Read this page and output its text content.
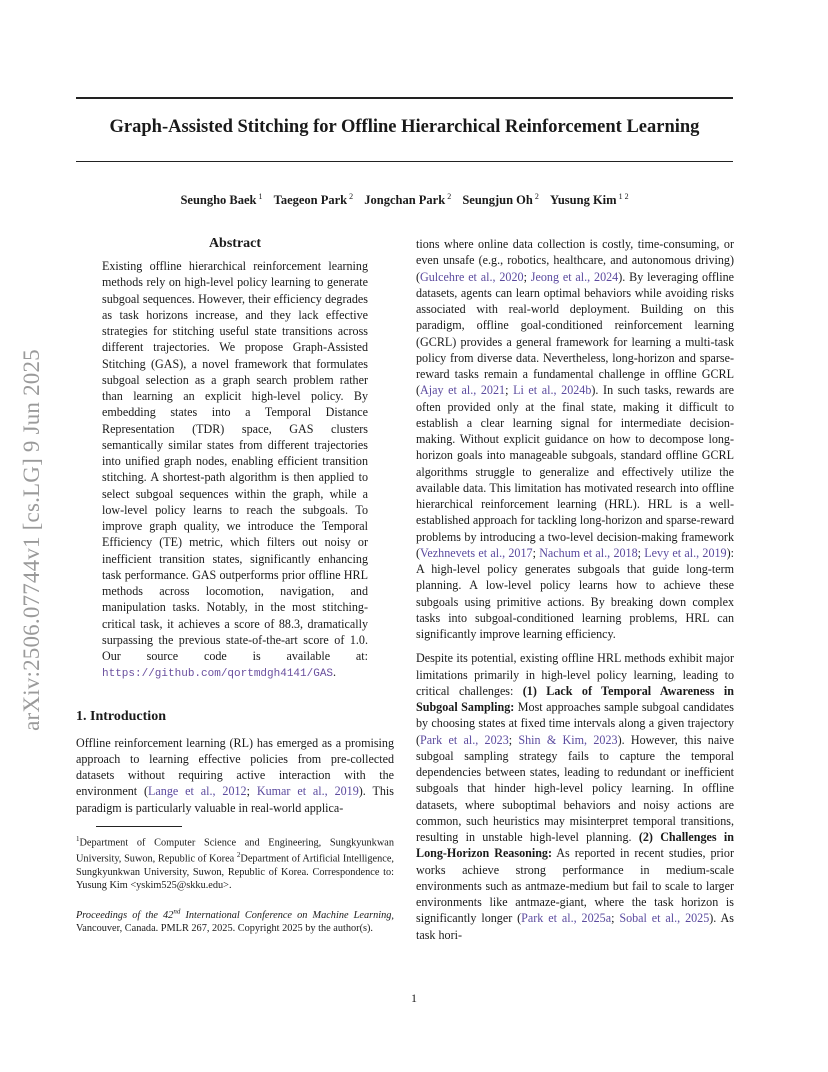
arXiv:2506.07744v1 [cs.LG] 9 Jun 2025
Graph-Assisted Stitching for Offline Hierarchical Reinforcement Learning
Seungho Baek $^1$ Taegeon Park $^2$ Jongchan Park $^2$ Seungjun Oh $^2$ Yusung Kim $^{1 2}$
Abstract

Existing offline hierarchical reinforcement learning methods rely on high-level policy learning to generate subgoal sequences. However, their efficiency degrades as task horizons increase, and they lack effective strategies for stitching useful state transitions across different trajectories. We propose Graph-Assisted Stitching (GAS), a novel framework that formulates subgoal selection as a graph search problem rather than learning an explicit high-level policy. By embedding states into a Temporal Distance Representation (TDR) space, GAS clusters semantically similar states from different trajectories into unified graph nodes, enabling efficient transition stitching. A shortest-path algorithm is then applied to select subgoal sequences within the graph, while a low-level policy learns to reach the subgoals. To improve graph quality, we introduce the Temporal Efficiency (TE) metric, which filters out noisy or inefficient transition states, significantly enhancing task performance. GAS outperforms prior offline HRL methods across locomotion, navigation, and manipulation tasks. Notably, in the most stitching-critical task, it achieves a score of 88.3, dramatically surpassing the previous state-of-the-art score of 1.0. Our source code is available at: https://github.com/qortmdgh4141/GAS.

1. Introduction

Offline reinforcement learning (RL) has emerged as a promising approach to learning effective policies from pre-collected datasets without requiring active interaction with the environment (Lange et al., 2012; Kumar et al., 2019). This paradigm is particularly valuable in real-world applica-

$^1$Department of Computer Science and Engineering, Sungkyunkwan University, Suwon, Republic of Korea $^2$Department of Artificial Intelligence, Sungkyunkwan University, Suwon, Republic of Korea. Correspondence to: Yusung Kim <yskim525@skku.edu>.

Proceedings of the 42nd International Conference on Machine Learning, Vancouver, Canada. PMLR 267, 2025. Copyright 2025 by the author(s).

tions where online data collection is costly, time-consuming, or even unsafe (e.g., robotics, healthcare, and autonomous driving) (Gulcehre et al., 2020; Jeong et al., 2024). By leveraging offline datasets, agents can learn optimal behaviors while avoiding risks associated with real-world deployment. Building on this paradigm, offline goal-conditioned reinforcement learning (GCRL) provides a general framework for learning a multi-task policy from diverse data. Nevertheless, long-horizon and sparse-reward tasks remain a fundamental challenge in offline GCRL (Ajay et al., 2021; Li et al., 2024b). In such tasks, rewards are often provided only at the final state, making it difficult to establish a clear learning signal for intermediate decision-making. Without explicit guidance on how to decompose long-horizon goals into manageable subgoals, standard offline GCRL algorithms struggle to generalize and effectively utilize the available data. This limitation has motivated research into offline hierarchical reinforcement learning (HRL). HRL is a well-established approach for tackling long-horizon and sparse-reward problems by introducing a two-level decision-making framework (Vezhnevets et al., 2017; Nachum et al., 2018; Levy et al., 2019): A high-level policy generates subgoals that guide long-term planning. A low-level policy learns how to achieve these subgoals using primitive actions. By breaking down complex tasks into subgoal-conditioned learning problems, HRL can significantly improve learning efficiency.

Despite its potential, existing offline HRL methods exhibit major limitations primarily in high-level policy learning, leading to critical challenges: (1) Lack of Temporal Awareness in Subgoal Sampling: Most approaches sample subgoal candidates by choosing states at fixed time intervals along a given trajectory (Park et al., 2023; Shin & Kim, 2023). However, this naive subgoal sampling strategy fails to capture the temporal dependencies between states, leading to redundant or inefficient subgoals that hinder high-level policy learning. In offline datasets, where suboptimal behaviors and noisy actions are common, such heuristics may misinterpret temporal transitions, resulting in unstable high-level planning. (2) Challenges in Long-Horizon Reasoning: As reported in recent studies, prior works achieve strong performance in medium-scale environments such as antmaze-medium but fail to scale to larger environments like antmaze-giant, where the task horizon is significantly longer (Park et al., 2025a; Sobal et al., 2025). As task hori-

1
